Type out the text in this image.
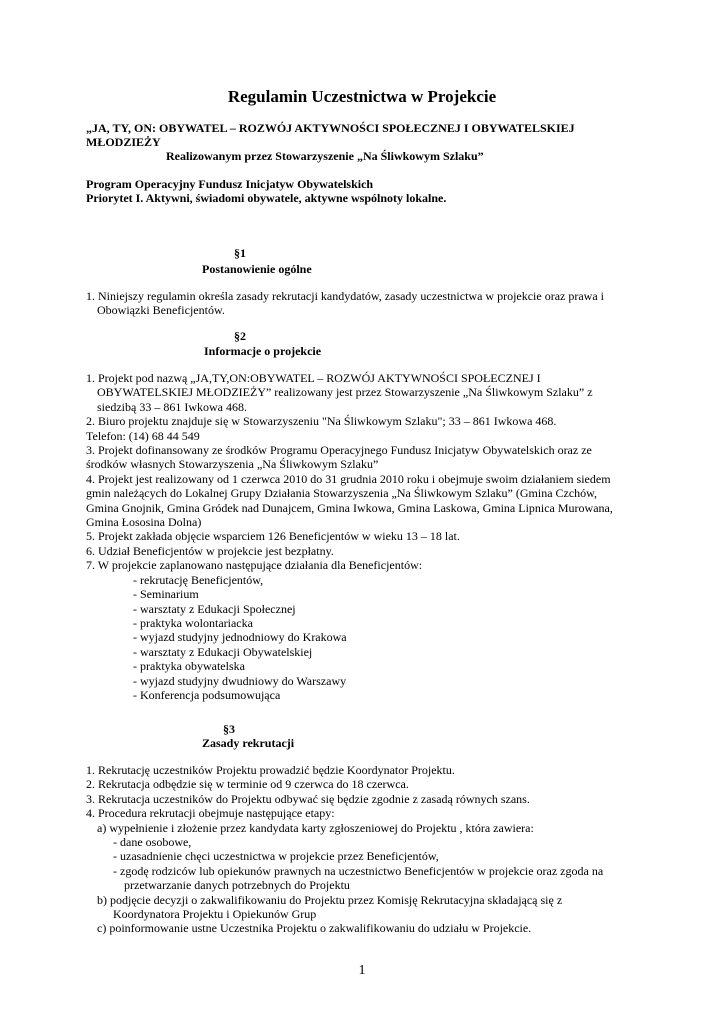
Regulamin Uczestnictwa w Projekcie
„JA, TY, ON: OBYWATEL – ROZWÓJ AKTYWNOŚCI SPOŁECZNEJ I OBYWATELSKIEJ
MŁODZIEŻY
Realizowanym przez Stowarzyszenie „Na Śliwkowym Szlaku”
Program Operacyjny Fundusz Inicjatyw Obywatelskich
Priorytet I. Aktywni, świadomi obywatele, aktywne wspólnoty lokalne.
§1
Postanowienie ogólne
1. Niniejszy regulamin określa zasady rekrutacji kandydatów, zasady uczestnictwa w projekcie oraz prawa i
Obowiązki Beneficjentów.
§2
Informacje o projekcie
1. Projekt pod nazwą „JA,TY,ON:OBYWATEL – ROZWÓJ AKTYWNOŚCI SPOŁECZNEJ I
OBYWATELSKIEJ MŁODZIEŻY” realizowany jest przez Stowarzyszenie „Na Śliwkowym Szlaku” z
siedzibą 33 – 861 Iwkowa 468.
2. Biuro projektu znajduje się w Stowarzyszeniu "Na Śliwkowym Szlaku"; 33 – 861 Iwkowa 468.
Telefon: (14) 68 44 549
3. Projekt dofinansowany ze środków Programu Operacyjnego Fundusz Inicjatyw Obywatelskich oraz ze
środków własnych Stowarzyszenia „Na Śliwkowym Szlaku”
4. Projekt jest realizowany od 1 czerwca 2010 do 31 grudnia 2010 roku i obejmuje swoim działaniem siedem
gmin należących do Lokalnej Grupy Działania Stowarzyszenia „Na Śliwkowym Szlaku” (Gmina Czchów,
Gmina Gnojnik, Gmina Gródek nad Dunajcem, Gmina Iwkowa, Gmina Laskowa, Gmina Lipnica Murowana,
Gmina Łososina Dolna)
5. Projekt zakłada objęcie wsparciem 126 Beneficjentów w wieku 13 – 18 lat.
6. Udział Beneficjentów w projekcie jest bezpłatny.
7. W projekcie zaplanowano następujące działania dla Beneficjentów:
- rekrutację Beneficjentów,
- Seminarium
- warsztaty z Edukacji Społecznej
- praktyka wolontariacka
- wyjazd studyjny jednodniowy do Krakowa
- warsztaty z Edukacji Obywatelskiej
- praktyka obywatelska
- wyjazd studyjny dwudniowy do Warszawy
- Konferencja podsumowująca
§3
Zasady rekrutacji
1. Rekrutację uczestników Projektu prowadzić będzie Koordynator Projektu.
2. Rekrutacja odbędzie się w terminie od 9 czerwca do 18 czerwca.
3. Rekrutacja uczestników do Projektu odbywać się będzie zgodnie z zasadą równych szans.
4. Procedura rekrutacji obejmuje następujące etapy:
a) wypełnienie i złożenie przez kandydata karty zgłoszeniowej do Projektu , która zawiera:
- dane osobowe,
- uzasadnienie chęci uczestnictwa w projekcie przez Beneficjentów,
- zgodę rodziców lub opiekunów prawnych na uczestnictwo Beneficjentów w projekcie oraz zgoda na
przetwarzanie danych potrzebnych do Projektu
b) podjęcie decyzji o zakwalifikowaniu do Projektu przez Komisję Rekrutacyjna składającą się z
Koordynatora Projektu i Opiekunów Grup
c) poinformowanie ustne Uczestnika Projektu o zakwalifikowaniu do udziału w Projekcie.
1
